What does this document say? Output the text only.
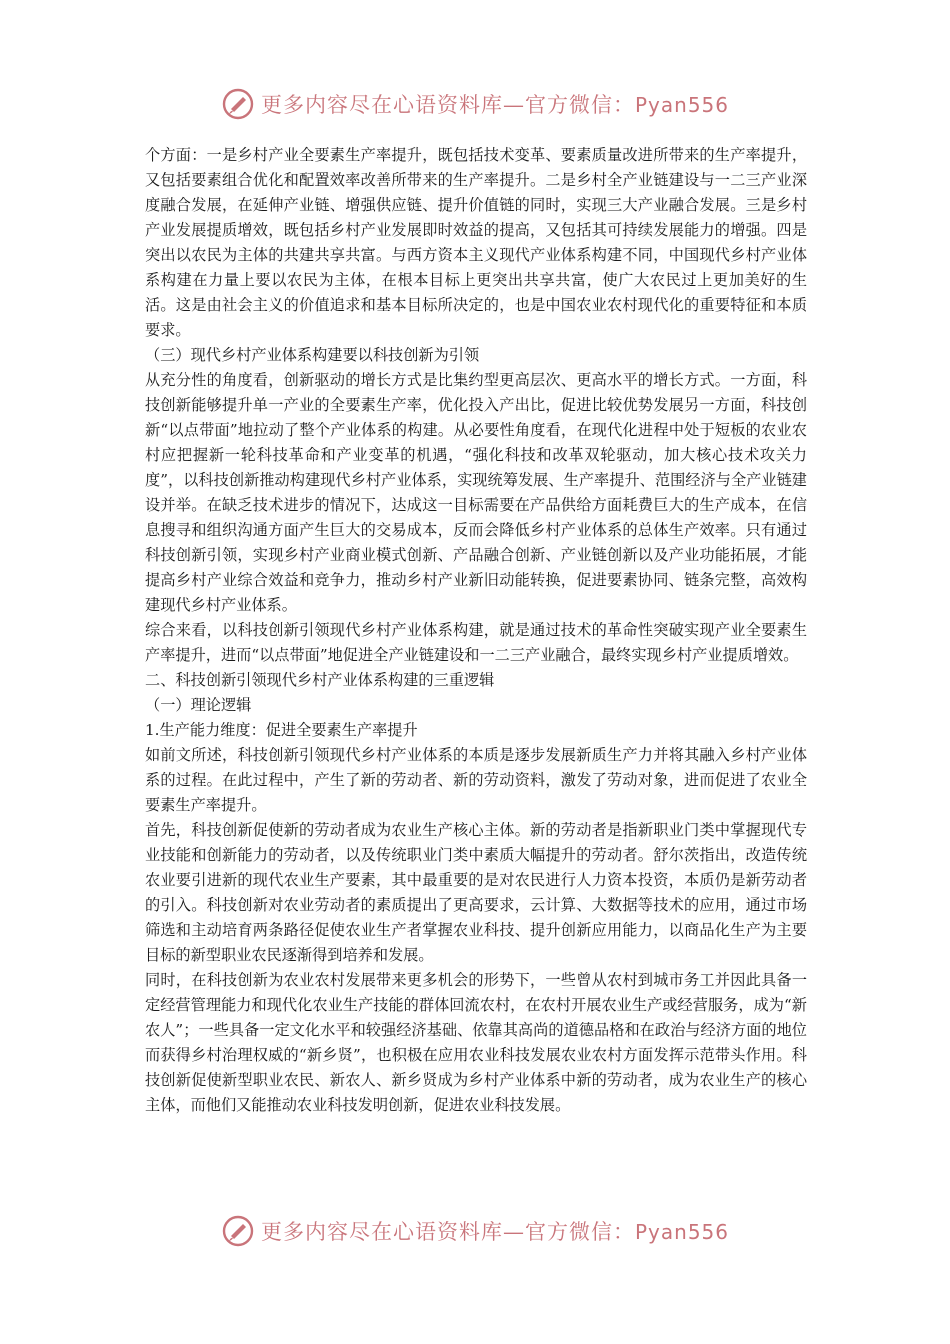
更多内容尽在心语资料库—官方微信：Pyan556

个方面：一是乡村产业全要素生产率提升，既包括技术变革、要素质量改进所带来的生产率提升，又包括要素组合优化和配置效率改善所带来的生产率提升。二是乡村全产业链建设与一二三产业深度融合发展，在延伸产业链、增强供应链、提升价值链的同时，实现三大产业融合发展。三是乡村产业发展提质增效，既包括乡村产业发展即时效益的提高，又包括其可持续发展能力的增强。四是突出以农民为主体的共建共享共富。与西方资本主义现代产业体系构建不同，中国现代乡村产业体系构建在力量上要以农民为主体，在根本目标上更突出共享共富，使广大农民过上更加美好的生活。这是由社会主义的价值追求和基本目标所决定的，也是中国农业农村现代化的重要特征和本质要求。

（三）现代乡村产业体系构建要以科技创新为引领

从充分性的角度看，创新驱动的增长方式是比集约型更高层次、更高水平的增长方式。一方面，科技创新能够提升单一产业的全要素生产率，优化投入产出比，促进比较优势发展另一方面，科技创新“以点带面”地拉动了整个产业体系的构建。从必要性角度看，在现代化进程中处于短板的农业农村应把握新一轮科技革命和产业变革的机遇，“强化科技和改革双轮驱动，加大核心技术攻关力度”，以科技创新推动构建现代乡村产业体系，实现统筹发展、生产率提升、范围经济与全产业链建设并举。在缺乏技术进步的情况下，达成这一目标需要在产品供给方面耗费巨大的生产成本，在信息搜寻和组织沟通方面产生巨大的交易成本，反而会降低乡村产业体系的总体生产效率。只有通过科技创新引领，实现乡村产业商业模式创新、产品融合创新、产业链创新以及产业功能拓展，才能提高乡村产业综合效益和竞争力，推动乡村产业新旧动能转换，促进要素协同、链条完整，高效构建现代乡村产业体系。

综合来看，以科技创新引领现代乡村产业体系构建，就是通过技术的革命性突破实现产业全要素生产率提升，进而“以点带面”地促进全产业链建设和一二三产业融合，最终实现乡村产业提质增效。

二、科技创新引领现代乡村产业体系构建的三重逻辑

（一）理论逻辑

1.生产能力维度：促进全要素生产率提升

如前文所述，科技创新引领现代乡村产业体系的本质是逐步发展新质生产力并将其融入乡村产业体系的过程。在此过程中，产生了新的劳动者、新的劳动资料，激发了劳动对象，进而促进了农业全要素生产率提升。

首先，科技创新促使新的劳动者成为农业生产核心主体。新的劳动者是指新职业门类中掌握现代专业技能和创新能力的劳动者，以及传统职业门类中素质大幅提升的劳动者。舒尔茨指出，改造传统农业要引进新的现代农业生产要素，其中最重要的是对农民进行人力资本投资，本质仍是新劳动者的引入。科技创新对农业劳动者的素质提出了更高要求，云计算、大数据等技术的应用，通过市场筛选和主动培育两条路径促使农业生产者掌握农业科技、提升创新应用能力，以商品化生产为主要目标的新型职业农民逐渐得到培养和发展。

同时，在科技创新为农业农村发展带来更多机会的形势下，一些曾从农村到城市务工并因此具备一定经营管理能力和现代化农业生产技能的群体回流农村，在农村开展农业生产或经营服务，成为“新农人”；一些具备一定文化水平和较强经济基础、依靠其高尚的道德品格和在政治与经济方面的地位而获得乡村治理权威的“新乡贤”，也积极在应用农业科技发展农业农村方面发挥示范带头作用。科技创新促使新型职业农民、新农人、新乡贤成为乡村产业体系中新的劳动者，成为农业生产的核心主体，而他们又能推动农业科技发明创新，促进农业科技发展。

更多内容尽在心语资料库—官方微信：Pyan556
